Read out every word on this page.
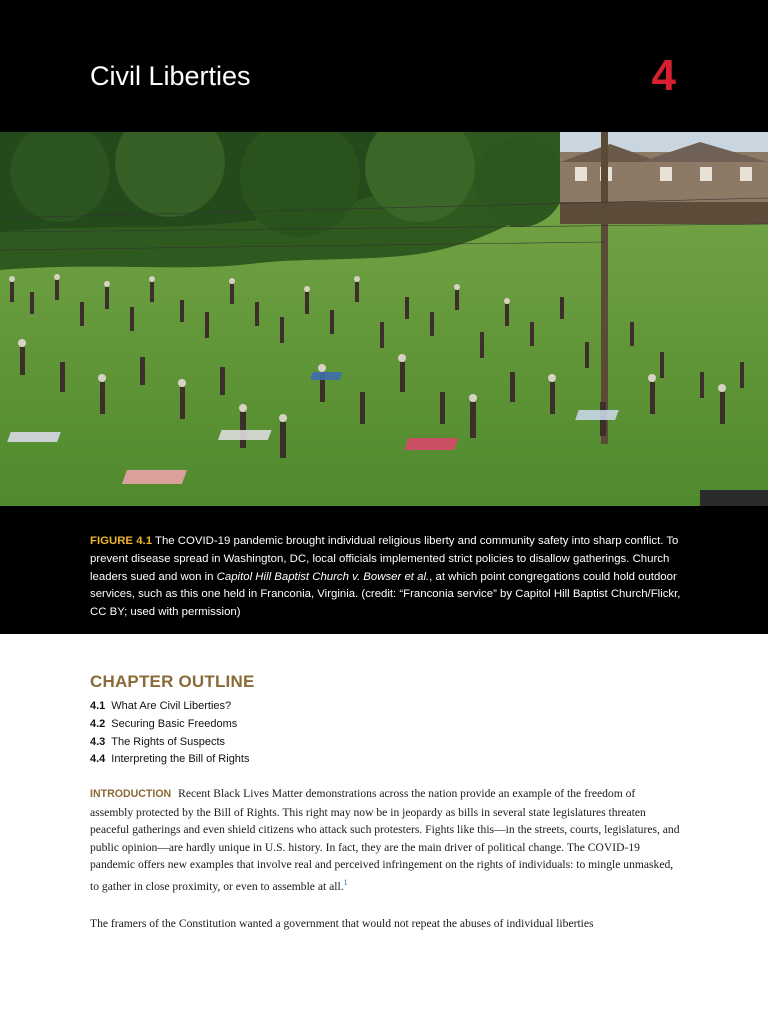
Civil Liberties	4

FIGURE 4.1 The COVID-19 pandemic brought individual religious liberty and community safety into sharp conflict. To prevent disease spread in Washington, DC, local officials implemented strict policies to disallow gatherings. Church leaders sued and won in Capitol Hill Baptist Church v. Bowser et al., at which point congregations could hold outdoor services, such as this one held in Franconia, Virginia. (credit: “Franconia service” by Capitol Hill Baptist Church/Flickr, CC BY; used with permission)

CHAPTER OUTLINE
4.1 What Are Civil Liberties?
4.2 Securing Basic Freedoms
4.3 The Rights of Suspects
4.4 Interpreting the Bill of Rights

INTRODUCTION Recent Black Lives Matter demonstrations across the nation provide an example of the freedom of assembly protected by the Bill of Rights. This right may now be in jeopardy as bills in several state legislatures threaten peaceful gatherings and even shield citizens who attack such protesters. Fights like this—in the streets, courts, legislatures, and public opinion—are hardly unique in U.S. history. In fact, they are the main driver of political change. The COVID-19 pandemic offers new examples that involve real and perceived infringement on the rights of individuals: to mingle unmasked, to gather in close proximity, or even to assemble at all.$^1$

The framers of the Constitution wanted a government that would not repeat the abuses of individual liberties
